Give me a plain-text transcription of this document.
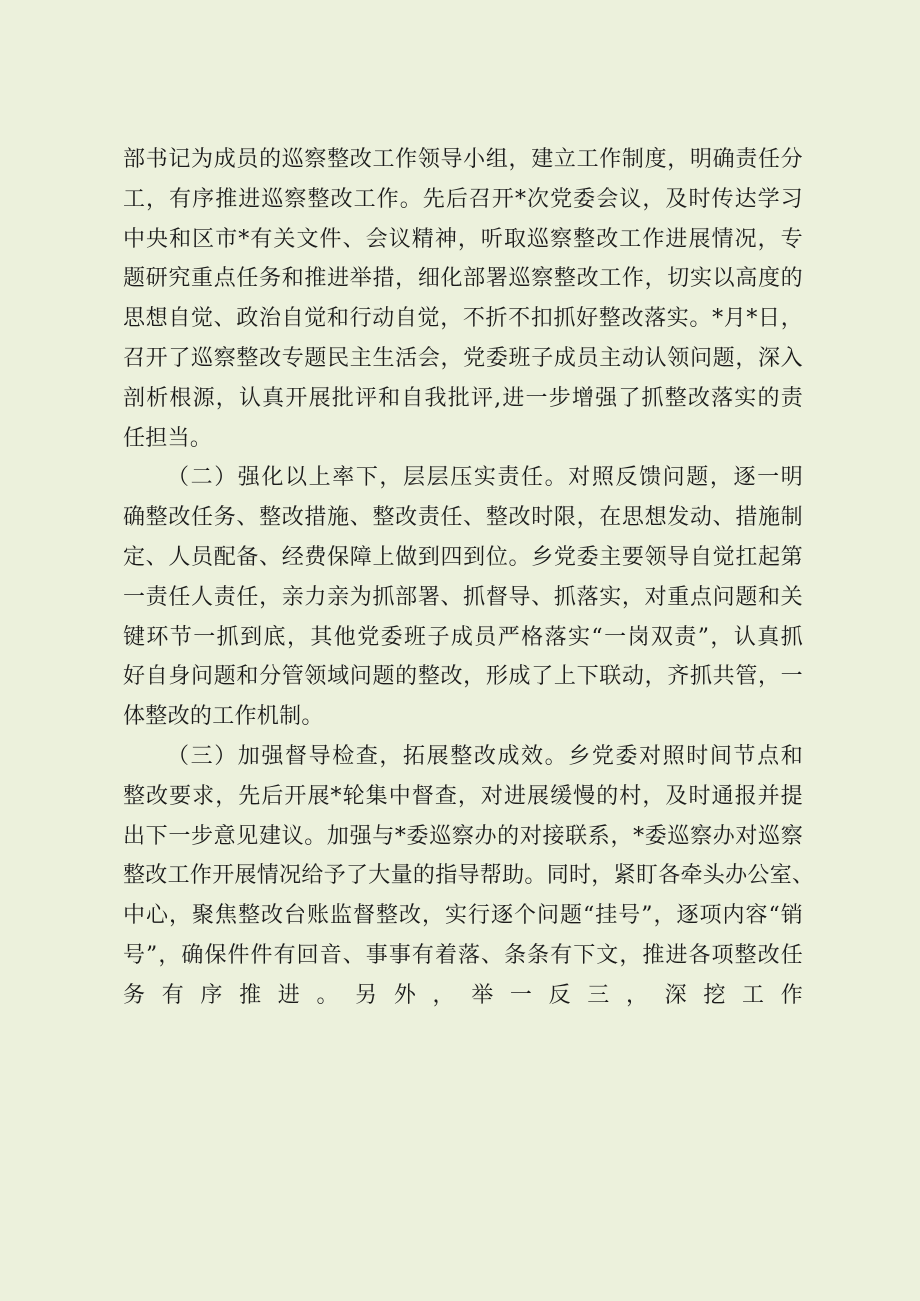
部书记为成员的巡察整改工作领导小组，建立工作制度，明确责任分
工，有序推进巡察整改工作。先后召开*次党委会议，及时传达学习
中央和区市*有关文件、会议精神，听取巡察整改工作进展情况，专
题研究重点任务和推进举措，细化部署巡察整改工作，切实以高度的
思想自觉、政治自觉和行动自觉，不折不扣抓好整改落实。*月*日，
召开了巡察整改专题民主生活会，党委班子成员主动认领问题，深入
剖析根源，认真开展批评和自我批评,进一步增强了抓整改落实的责
任担当。
（二）强化以上率下，层层压实责任。对照反馈问题，逐一明
确整改任务、整改措施、整改责任、整改时限，在思想发动、措施制
定、人员配备、经费保障上做到四到位。乡党委主要领导自觉扛起第
一责任人责任，亲力亲为抓部署、抓督导、抓落实，对重点问题和关
键环节一抓到底，其他党委班子成员严格落实“一岗双责”，认真抓
好自身问题和分管领域问题的整改，形成了上下联动，齐抓共管，一
体整改的工作机制。
（三）加强督导检查，拓展整改成效。乡党委对照时间节点和
整改要求，先后开展*轮集中督查，对进展缓慢的村，及时通报并提
出下一步意见建议。加强与*委巡察办的对接联系，*委巡察办对巡察
整改工作开展情况给予了大量的指导帮助。同时，紧盯各牵头办公室、
中心，聚焦整改台账监督整改，实行逐个问题“挂号”，逐项内容“销
号”，确保件件有回音、事事有着落、条条有下文，推进各项整改任
务有序推进。另外，举一反三，深挖工作
